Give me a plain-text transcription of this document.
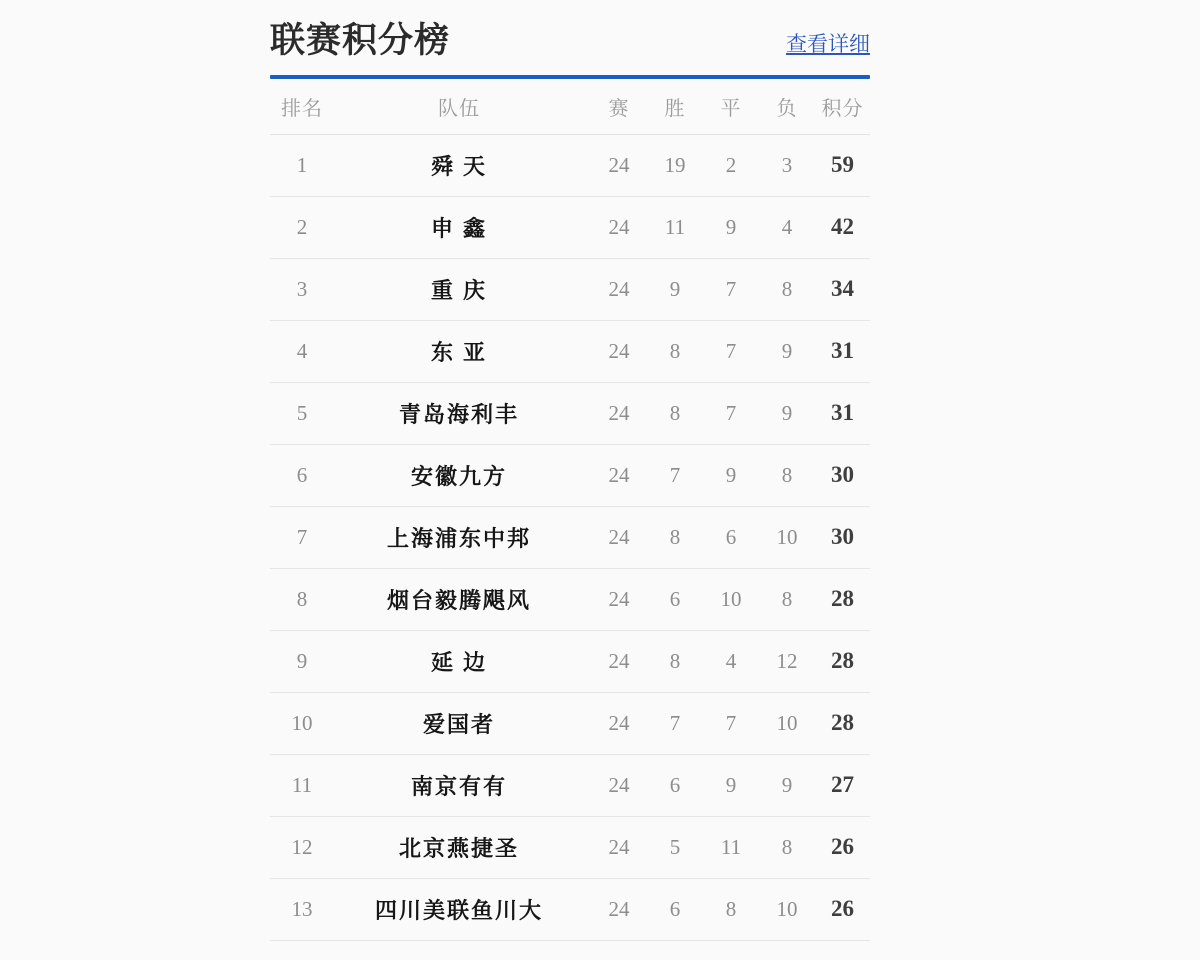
联赛积分榜	查看详细
排名	队伍	赛	胜	平	负	积分
1	舜 天	24	19	2	3	59
2	申 鑫	24	11	9	4	42
3	重 庆	24	9	7	8	34
4	东 亚	24	8	7	9	31
5	青岛海利丰	24	8	7	9	31
6	安徽九方	24	7	9	8	30
7	上海浦东中邦	24	8	6	10	30
8	烟台毅腾飓风	24	6	10	8	28
9	延 边	24	8	4	12	28
10	爱国者	24	7	7	10	28
11	南京有有	24	6	9	9	27
12	北京燕捷圣	24	5	11	8	26
13	四川美联鱼川大	24	6	8	10	26
